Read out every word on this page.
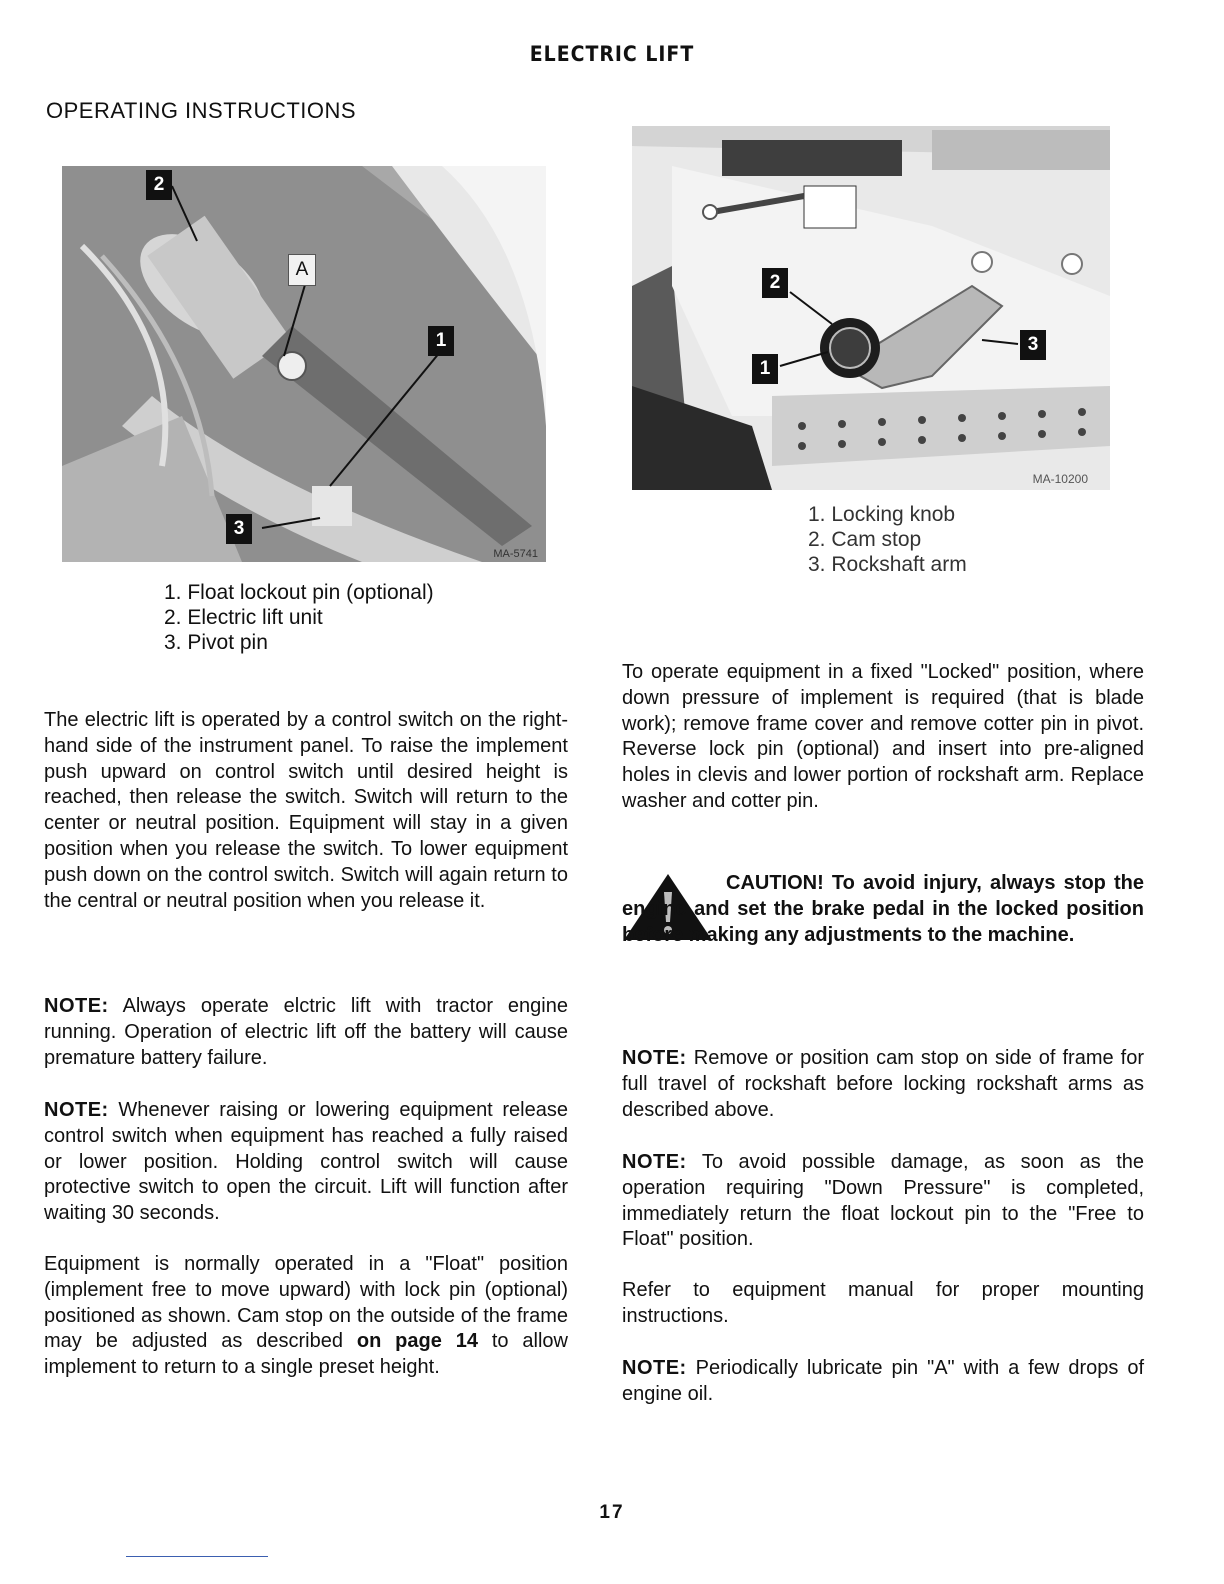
ELECTRIC LIFT
OPERATING INSTRUCTIONS
2
A
1
3
MA-5741
1. Float lockout pin (optional)
2. Electric lift unit
3. Pivot pin
2
1
3
MA-10200
1. Locking knob
2. Cam stop
3. Rockshaft arm

The electric lift is operated by a control switch on the right-hand side of the instrument panel. To raise the implement push upward on control switch until desired height is reached, then release the switch. Switch will return to the center or neutral position. Equipment will stay in a given position when you release the switch. To lower equipment push down on the control switch. Switch will again return to the central or neutral position when you release it.

NOTE: Always operate elctric lift with tractor engine running. Operation of electric lift off the battery will cause premature battery failure.

NOTE: Whenever raising or lowering equipment release control switch when equipment has reached a fully raised or lower position. Holding control switch will cause protective switch to open the circuit. Lift will function after waiting 30 seconds.

Equipment is normally operated in a "Float" position (implement free to move upward) with lock pin (optional) positioned as shown. Cam stop on the outside of the frame may be adjusted as described on page 14 to allow implement to return to a single preset height.

To operate equipment in a fixed "Locked" position, where down pressure of implement is required (that is blade work); remove frame cover and remove cotter pin in pivot. Reverse lock pin (optional) and insert into pre-aligned holes in clevis and lower portion of rockshaft arm. Replace washer and cotter pin.

CAUTION! To avoid injury, always stop the engine and set the brake pedal in the locked position before making any adjustments to the machine.

NOTE: Remove or position cam stop on side of frame for full travel of rockshaft before locking rockshaft arms as described above.

NOTE: To avoid possible damage, as soon as the operation requiring "Down Pressure" is completed, immediately return the float lockout pin to the "Free to Float" position.

Refer to equipment manual for proper mounting instructions.

NOTE: Periodically lubricate pin "A" with a few drops of engine oil.

17
